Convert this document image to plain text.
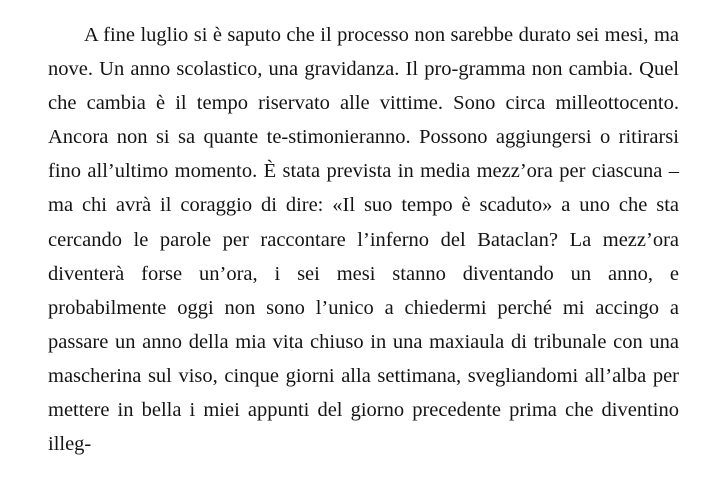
A fine luglio si è saputo che il processo non sarebbe durato sei mesi, ma nove. Un anno scolastico, una gravidanza. Il pro-gramma non cambia. Quel che cambia è il tempo riservato alle vittime. Sono circa milleottocento. Ancora non si sa quante te-stimonieranno. Possono aggiungersi o ritirarsi fino all’ultimo momento. È stata prevista in media mezz’ora per ciascuna – ma chi avrà il coraggio di dire: «Il suo tempo è scaduto» a uno che sta cercando le parole per raccontare l’inferno del Bataclan? La mezz’ora diventerà forse un’ora, i sei mesi stanno diventando un anno, e probabilmente oggi non sono l’unico a chiedermi perché mi accingo a passare un anno della mia vita chiuso in una maxiaula di tribunale con una mascherina sul viso, cinque giorni alla settimana, svegliandomi all’alba per mettere in bella i miei appunti del giorno precedente prima che diventino illeg-
